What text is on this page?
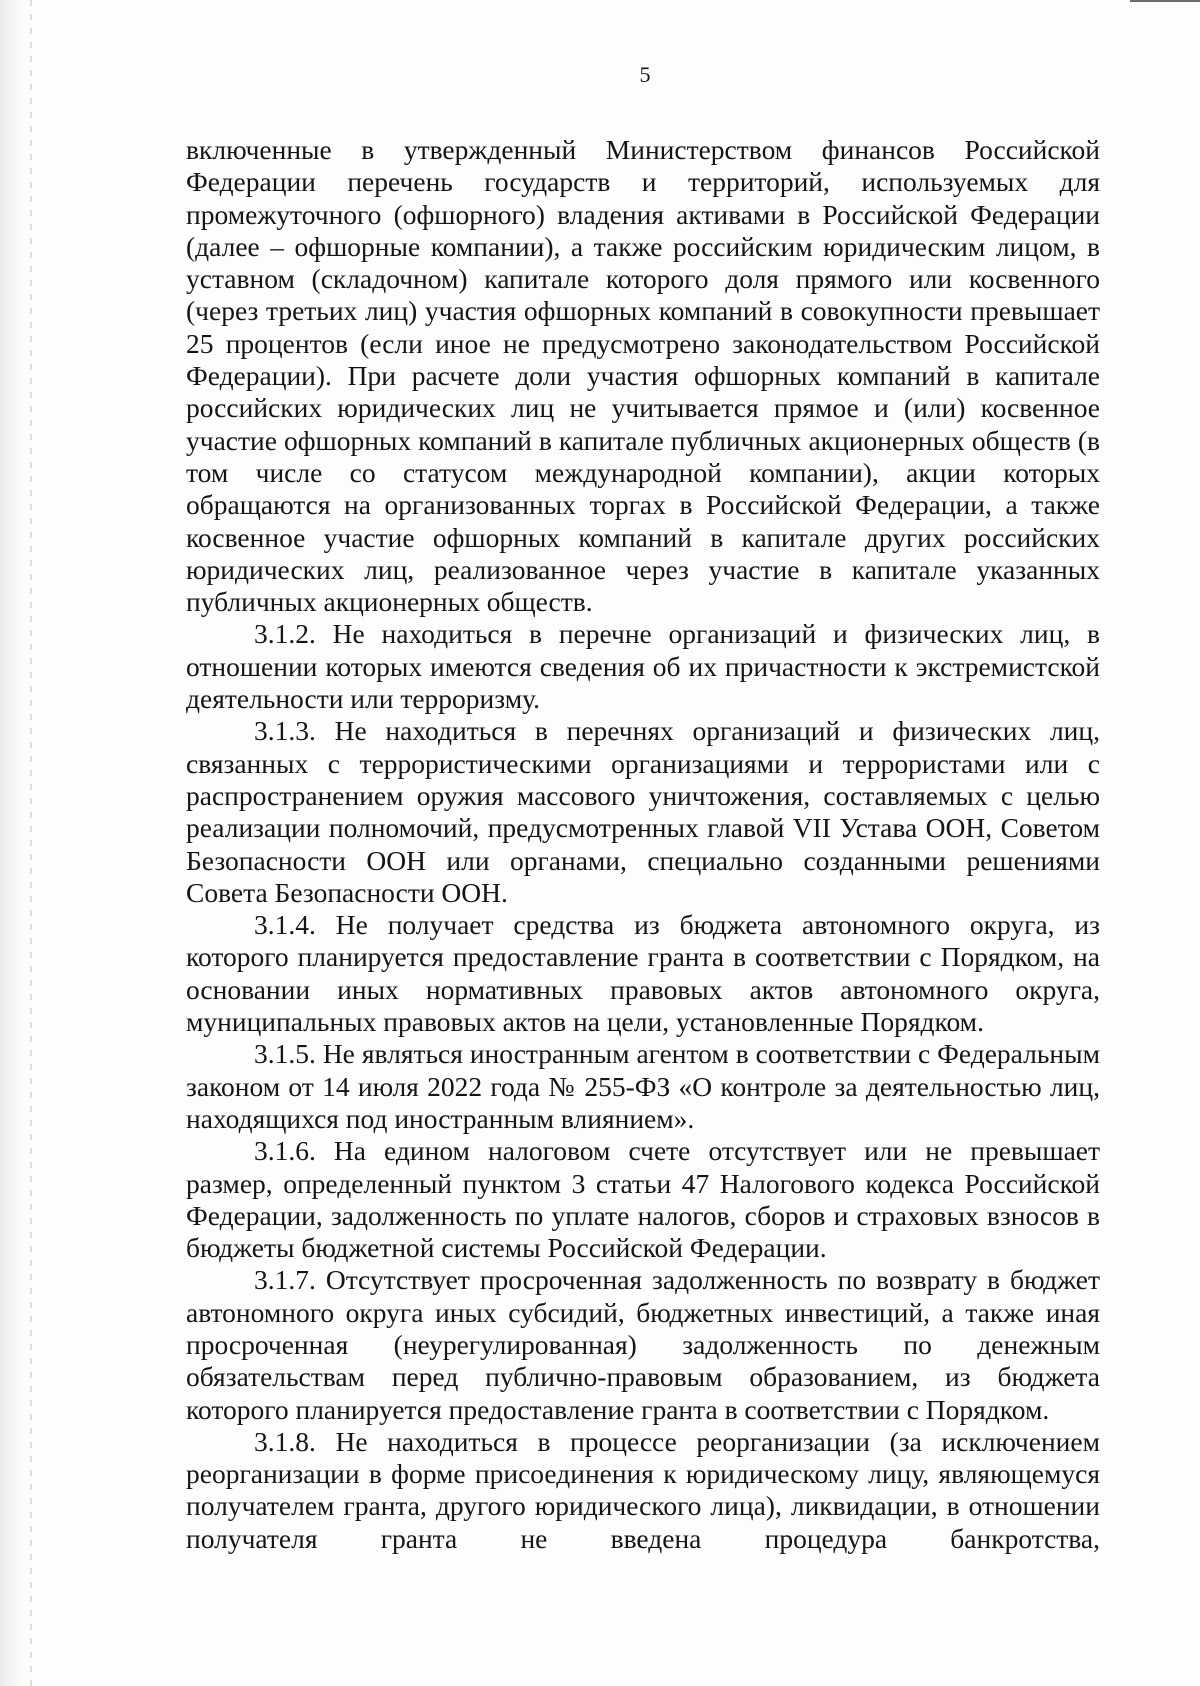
5

включенные в утвержденный Министерством финансов Российской Федерации перечень государств и территорий, используемых для промежуточного (офшорного) владения активами в Российской Федерации (далее – офшорные компании), а также российским юридическим лицом, в уставном (складочном) капитале которого доля прямого или косвенного (через третьих лиц) участия офшорных компаний в совокупности превышает 25 процентов (если иное не предусмотрено законодательством Российской Федерации). При расчете доли участия офшорных компаний в капитале российских юридических лиц не учитывается прямое и (или) косвенное участие офшорных компаний в капитале публичных акционерных обществ (в том числе со статусом международной компании), акции которых обращаются на организованных торгах в Российской Федерации, а также косвенное участие офшорных компаний в капитале других российских юридических лиц, реализованное через участие в капитале указанных публичных акционерных обществ.

3.1.2. Не находиться в перечне организаций и физических лиц, в отношении которых имеются сведения об их причастности к экстремистской деятельности или терроризму.

3.1.3. Не находиться в перечнях организаций и физических лиц, связанных с террористическими организациями и террористами или с распространением оружия массового уничтожения, составляемых с целью реализации полномочий, предусмотренных главой VII Устава ООН, Советом Безопасности ООН или органами, специально созданными решениями Совета Безопасности ООН.

3.1.4. Не получает средства из бюджета автономного округа, из которого планируется предоставление гранта в соответствии с Порядком, на основании иных нормативных правовых актов автономного округа, муниципальных правовых актов на цели, установленные Порядком.

3.1.5. Не являться иностранным агентом в соответствии с Федеральным законом от 14 июля 2022 года № 255-ФЗ «О контроле за деятельностью лиц, находящихся под иностранным влиянием».

3.1.6. На едином налоговом счете отсутствует или не превышает размер, определенный пунктом 3 статьи 47 Налогового кодекса Российской Федерации, задолженность по уплате налогов, сборов и страховых взносов в бюджеты бюджетной системы Российской Федерации.

3.1.7. Отсутствует просроченная задолженность по возврату в бюджет автономного округа иных субсидий, бюджетных инвестиций, а также иная просроченная (неурегулированная) задолженность по денежным обязательствам перед публично-правовым образованием, из бюджета которого планируется предоставление гранта в соответствии с Порядком.

3.1.8. Не находиться в процессе реорганизации (за исключением реорганизации в форме присоединения к юридическому лицу, являющемуся получателем гранта, другого юридического лица), ликвидации, в отношении получателя гранта не введена процедура банкротства,
